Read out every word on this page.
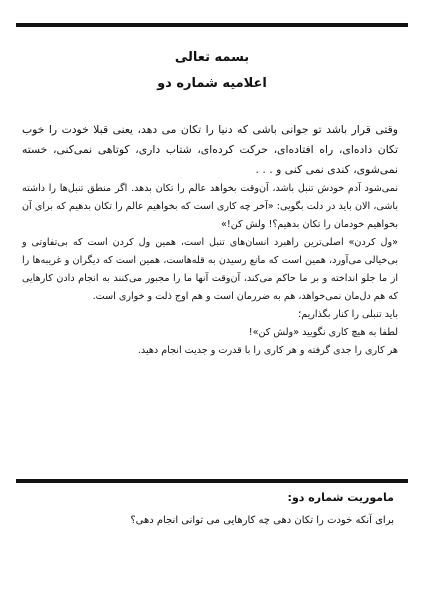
بسمه تعالی
اعلامیه شماره دو

وقتی قرار باشد تو جوانی باشی که دنیا را تکان می دهد، یعنی قبلا خودت را خوب تکان داده‌ای، راه افتاده‌ای، حرکت کرده‌ای، شتاب داری، کوتاهی نمی‌کنی، خسته نمی‌شوی، کندی نمی کنی و . . .

نمی‌شود آدم خودش تنبل باشد، آن‌وقت بخواهد عالم را تکان بدهد. اگر منطق تنبل‌ها را داشته باشی، الان باید در دلت بگویی: «آخر چه کاری است که بخواهیم عالم را تکان بدهیم که برای آن بخواهیم خودمان را تکان بدهیم؟! ولش کن!»

«ول کردن» اصلی‌ترین راهبرد انسان‌های تنبل است، همین ول کردن است که بی‌تفاوتی و بی‌خیالی می‌آورد، همین است که مانع رسیدن به قله‌هاست، همین است که دیگران و غریبه‌ها را از ما جلو انداخته و بر ما حاکم می‌کند، آن‌وقت آنها ما را مجبور می‌کنند به انجام دادن کارهایی که هم دل‌مان نمی‌خواهد، هم به ضررمان است و هم اوج ذلت و خواری است.

باید تنبلی را کنار بگذاریم؛

لطفا به هیچ کاری نگویید «ولش کن»!

هر کاری را جدی گرفته و هر کاری را با قدرت و جدیت انجام دهید.

ماموریت شماره دو:
برای آنکه خودت را تکان دهی چه کارهایی می توانی انجام دهی؟
